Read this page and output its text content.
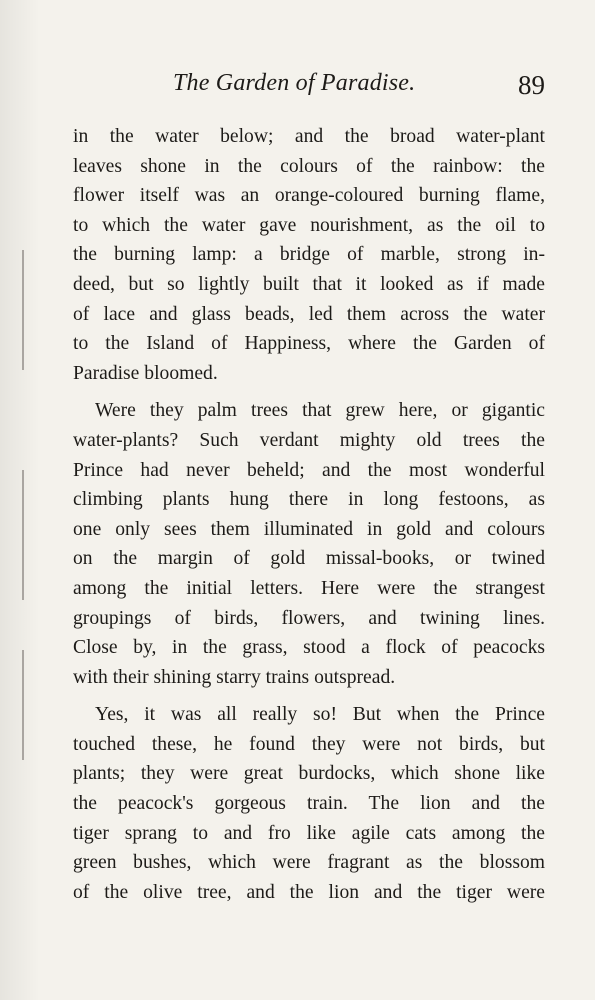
The Garden of Paradise.	89
in the water below; and the broad water-plant
leaves shone in the colours of the rainbow: the
flower itself was an orange-coloured burning flame,
to which the water gave nourishment, as the oil to
the burning lamp: a bridge of marble, strong in-
deed, but so lightly built that it looked as if made
of lace and glass beads, led them across the water
to the Island of Happiness, where the Garden of
Paradise bloomed.
Were they palm trees that grew here, or gigantic
water-plants? Such verdant mighty old trees the
Prince had never beheld; and the most wonderful
climbing plants hung there in long festoons, as
one only sees them illuminated in gold and colours
on the margin of gold missal-books, or twined
among the initial letters. Here were the strangest
groupings of birds, flowers, and twining lines.
Close by, in the grass, stood a flock of peacocks
with their shining starry trains outspread.
Yes, it was all really so! But when the Prince
touched these, he found they were not birds, but
plants; they were great burdocks, which shone like
the peacock's gorgeous train. The lion and the
tiger sprang to and fro like agile cats among the
green bushes, which were fragrant as the blossom
of the olive tree, and the lion and the tiger were
